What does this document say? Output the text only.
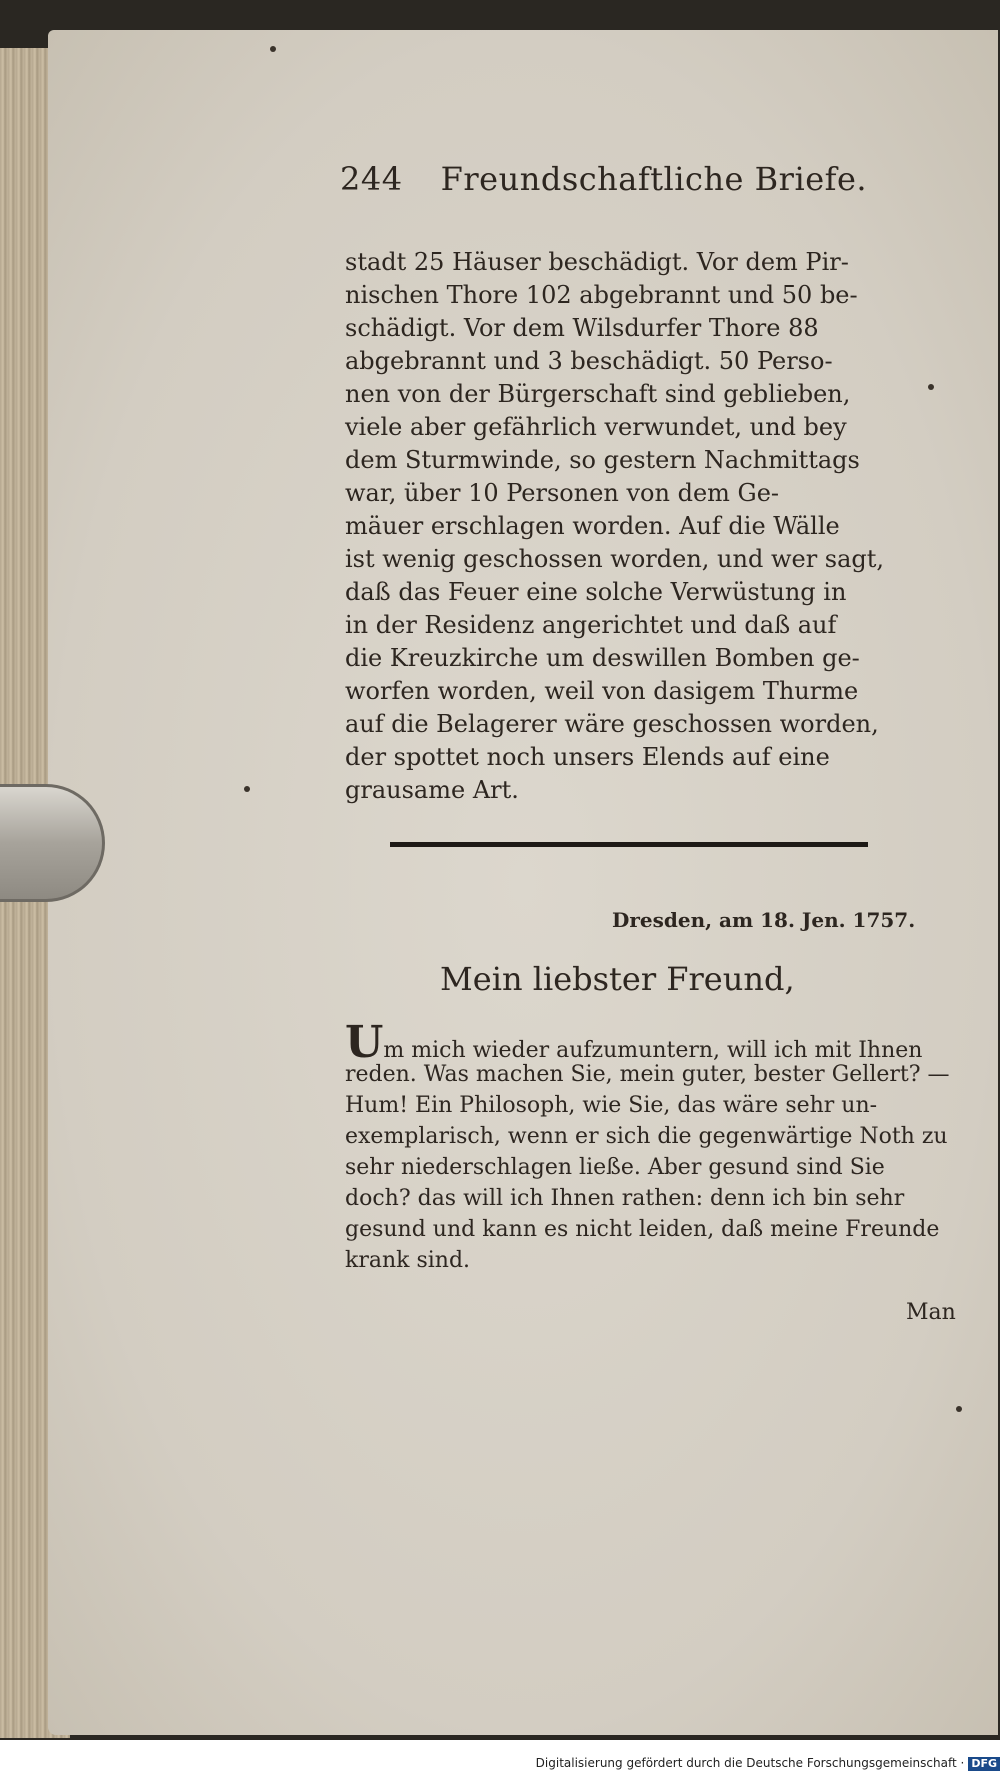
244 Freundschaftliche Briefe.
stadt 25 Häuser beschädigt. Vor dem Pir-
nischen Thore 102 abgebrannt und 50 be-
schädigt. Vor dem Wilsdurfer Thore 88
abgebrannt und 3 beschädigt. 50 Perso-
nen von der Bürgerschaft sind geblieben,
viele aber gefährlich verwundet, und bey
dem Sturmwinde, so gestern Nachmittags
war, über 10 Personen von dem Ge-
mäuer erschlagen worden. Auf die Wälle
ist wenig geschossen worden, und wer sagt,
daß das Feuer eine solche Verwüstung in
in der Residenz angerichtet und daß auf
die Kreuzkirche um deswillen Bomben ge-
worfen worden, weil von dasigem Thurme
auf die Belagerer wäre geschossen worden,
der spottet noch unsers Elends auf eine
grausame Art.
Dresden, am 18. Jen. 1757.
Mein liebster Freund,
Um mich wieder aufzumuntern, will ich mit Ihnen
reden. Was machen Sie, mein guter, bester Gellert? —
Hum! Ein Philosoph, wie Sie, das wäre sehr un-
exemplarisch, wenn er sich die gegenwärtige Noth zu
sehr niederschlagen ließe. Aber gesund sind Sie
doch? das will ich Ihnen rathen: denn ich bin sehr
gesund und kann es nicht leiden, daß meine Freunde
krank sind.
Man
Digitalisierung gefördert durch die Deutsche Forschungsgemeinschaft · DFG
